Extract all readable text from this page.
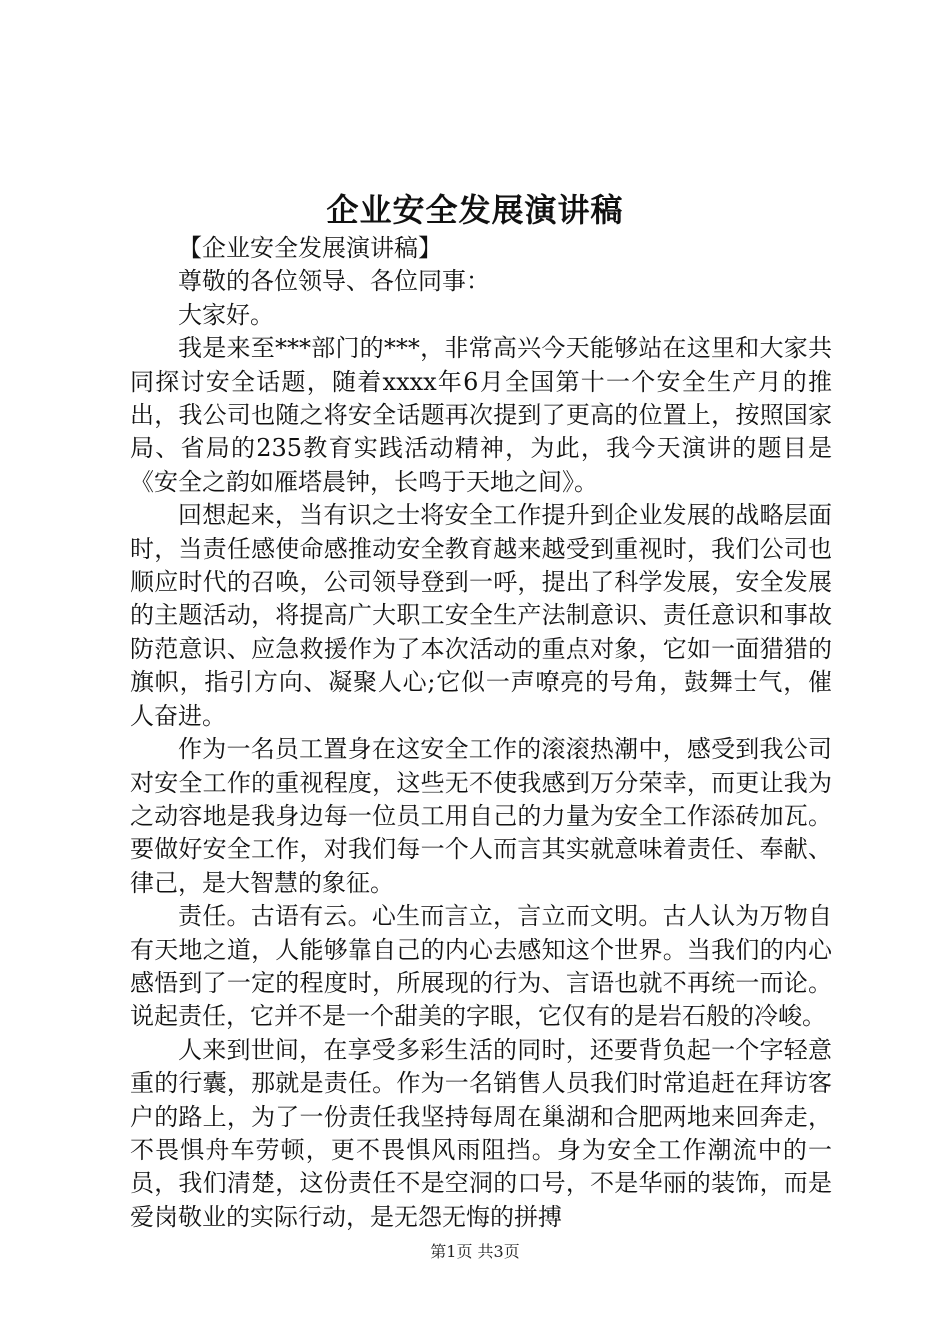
企业安全发展演讲稿

【企业安全发展演讲稿】

尊敬的各位领导、各位同事：

大家好。

我是来至***部门的***，非常高兴今天能够站在这里和大家共同探讨安全话题，随着xxxx年6月全国第十一个安全生产月的推出，我公司也随之将安全话题再次提到了更高的位置上，按照国家局、省局的235教育实践活动精神，为此，我今天演讲的题目是《安全之韵如雁塔晨钟，长鸣于天地之间》。

回想起来，当有识之士将安全工作提升到企业发展的战略层面时，当责任感使命感推动安全教育越来越受到重视时，我们公司也顺应时代的召唤，公司领导登到一呼，提出了科学发展，安全发展的主题活动，将提高广大职工安全生产法制意识、责任意识和事故防范意识、应急救援作为了本次活动的重点对象，它如一面猎猎的旗帜，指引方向、凝聚人心;它似一声嘹亮的号角，鼓舞士气，催人奋进。

作为一名员工置身在这安全工作的滚滚热潮中，感受到我公司对安全工作的重视程度，这些无不使我感到万分荣幸，而更让我为之动容地是我身边每一位员工用自己的力量为安全工作添砖加瓦。要做好安全工作，对我们每一个人而言其实就意味着责任、奉献、律己，是大智慧的象征。

责任。古语有云。心生而言立，言立而文明。古人认为万物自有天地之道，人能够靠自己的内心去感知这个世界。当我们的内心感悟到了一定的程度时，所展现的行为、言语也就不再统一而论。说起责任，它并不是一个甜美的字眼，它仅有的是岩石般的冷峻。

人来到世间，在享受多彩生活的同时，还要背负起一个字轻意重的行囊，那就是责任。作为一名销售人员我们时常追赶在拜访客户的路上，为了一份责任我坚持每周在巢湖和合肥两地来回奔走，不畏惧舟车劳顿，更不畏惧风雨阻挡。身为安全工作潮流中的一员，我们清楚，这份责任不是空洞的口号，不是华丽的装饰，而是爱岗敬业的实际行动，是无怨无悔的拼搏

第1页 共3页
